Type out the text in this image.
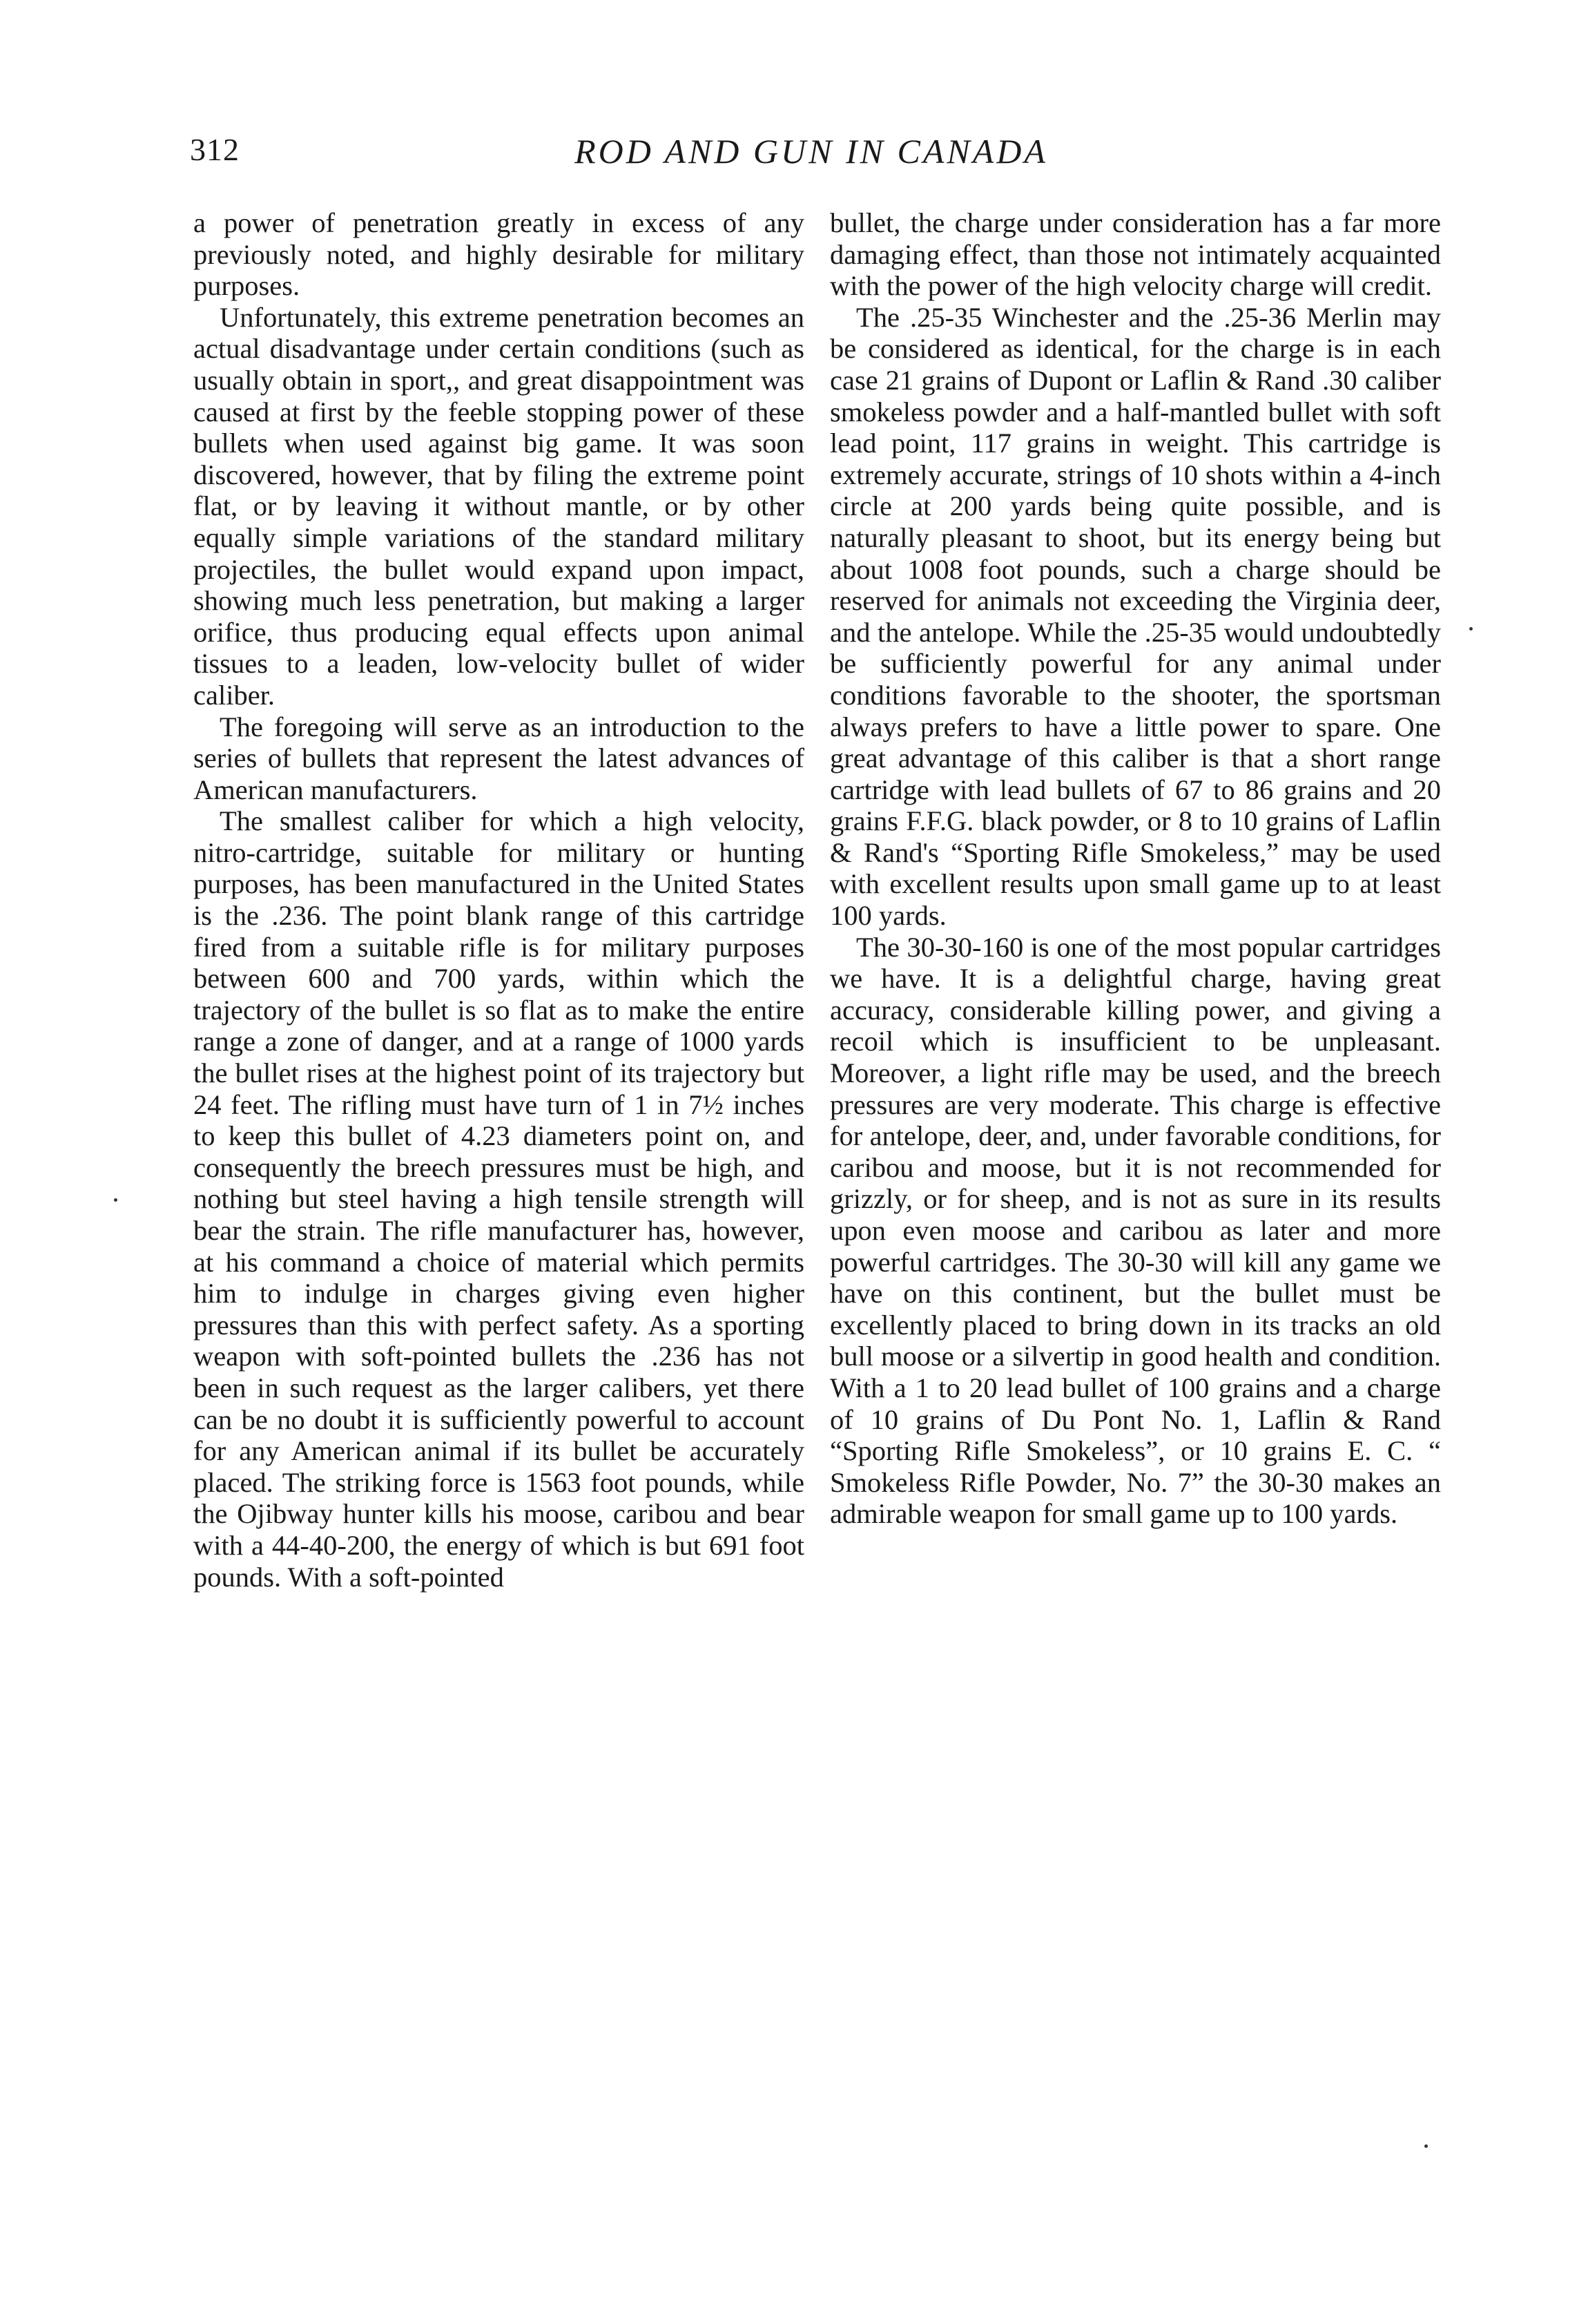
312	ROD AND GUN IN CANADA

a power of penetration greatly in excess of any previously noted, and highly desirable for military purposes.

Unfortunately, this extreme penetration becomes an actual disadvantage under certain conditions (such as usually obtain in sport,, and great disappointment was caused at first by the feeble stopping power of these bullets when used against big game. It was soon discovered, however, that by filing the extreme point flat, or by leaving it without mantle, or by other equally simple variations of the standard military projectiles, the bullet would expand upon impact, showing much less penetration, but making a larger orifice, thus producing equal effects upon animal tissues to a leaden, low-velocity bullet of wider caliber.

The foregoing will serve as an introduction to the series of bullets that represent the latest advances of American manufacturers.

The smallest caliber for which a high velocity, nitro-cartridge, suitable for military or hunting purposes, has been manufactured in the United States is the .236. The point blank range of this cartridge fired from a suitable rifle is for military purposes between 600 and 700 yards, within which the trajectory of the bullet is so flat as to make the entire range a zone of danger, and at a range of 1000 yards the bullet rises at the highest point of its trajectory but 24 feet. The rifling must have turn of 1 in 7½ inches to keep this bullet of 4.23 diameters point on, and consequently the breech pressures must be high, and nothing but steel having a high tensile strength will bear the strain. The rifle manufacturer has, however, at his command a choice of material which permits him to indulge in charges giving even higher pressures than this with perfect safety. As a sporting weapon with soft-pointed bullets the .236 has not been in such request as the larger calibers, yet there can be no doubt it is sufficiently powerful to account for any American animal if its bullet be accurately placed. The striking force is 1563 foot pounds, while the Ojibway hunter kills his moose, caribou and bear with a 44-40-200, the energy of which is but 691 foot pounds. With a soft-pointed

bullet, the charge under consideration has a far more damaging effect, than those not intimately acquainted with the power of the high velocity charge will credit.

The .25-35 Winchester and the .25-36 Merlin may be considered as identical, for the charge is in each case 21 grains of Dupont or Laflin & Rand .30 caliber smokeless powder and a half-mantled bullet with soft lead point, 117 grains in weight. This cartridge is extremely accurate, strings of 10 shots within a 4-inch circle at 200 yards being quite possible, and is naturally pleasant to shoot, but its energy being but about 1008 foot pounds, such a charge should be reserved for animals not exceeding the Virginia deer, and the antelope. While the .25-35 would undoubtedly be sufficiently powerful for any animal under conditions favorable to the shooter, the sportsman always prefers to have a little power to spare. One great advantage of this caliber is that a short range cartridge with lead bullets of 67 to 86 grains and 20 grains F.F.G. black powder, or 8 to 10 grains of Laflin & Rand's “Sporting Rifle Smokeless,” may be used with excellent results upon small game up to at least 100 yards.

The 30-30-160 is one of the most popular cartridges we have. It is a delightful charge, having great accuracy, considerable killing power, and giving a recoil which is insufficient to be unpleasant. Moreover, a light rifle may be used, and the breech pressures are very moderate. This charge is effective for antelope, deer, and, under favorable conditions, for caribou and moose, but it is not recommended for grizzly, or for sheep, and is not as sure in its results upon even moose and caribou as later and more powerful cartridges. The 30-30 will kill any game we have on this continent, but the bullet must be excellently placed to bring down in its tracks an old bull moose or a silvertip in good health and condition. With a 1 to 20 lead bullet of 100 grains and a charge of 10 grains of Du Pont No. 1, Laflin & Rand “Sporting Rifle Smokeless”, or 10 grains E. C. “ Smokeless Rifle Powder, No. 7” the 30-30 makes an admirable weapon for small game up to 100 yards.
